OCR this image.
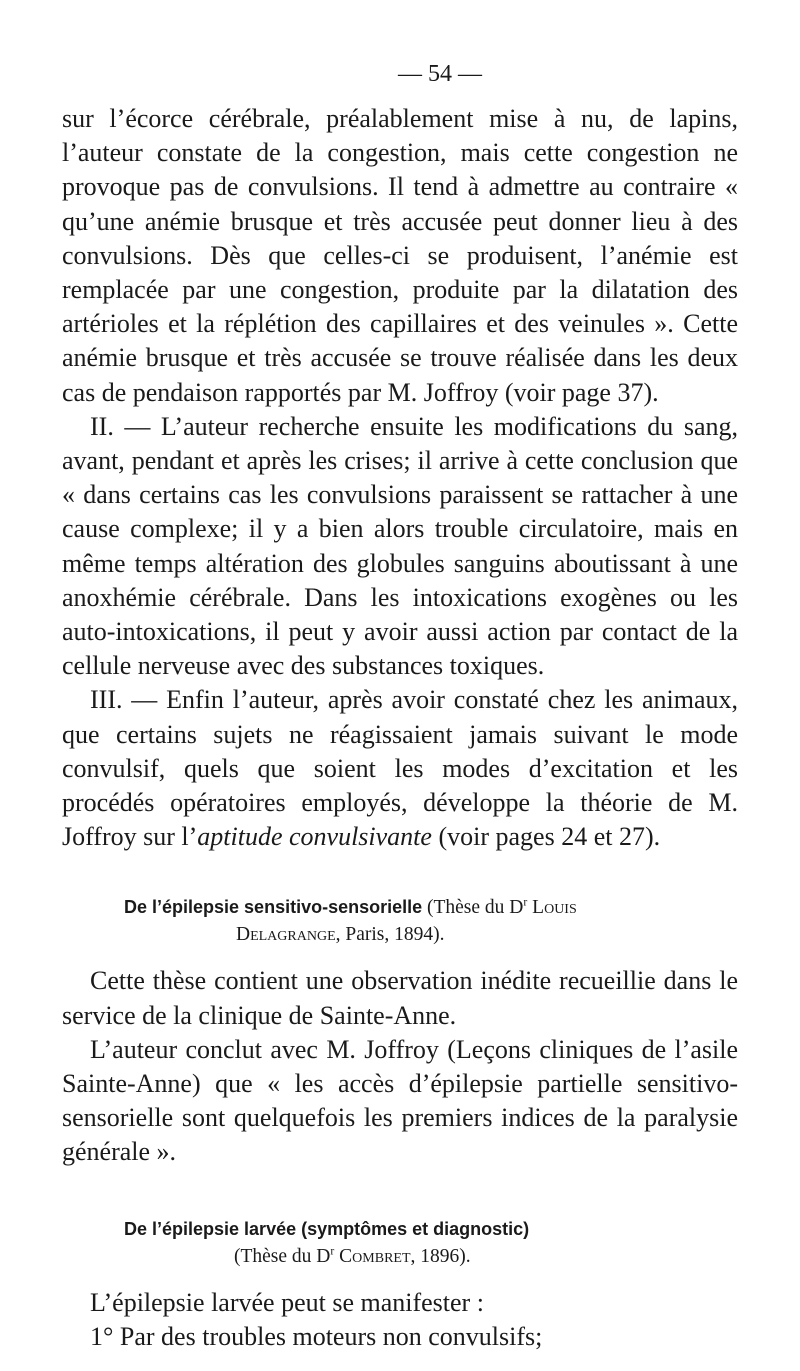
— 54 —

sur l’écorce cérébrale, préalablement mise à nu, de lapins, l’auteur constate de la congestion, mais cette congestion ne provoque pas de convulsions. Il tend à admettre au contraire « qu’une anémie brusque et très accusée peut donner lieu à des convulsions. Dès que celles-ci se produisent, l’anémie est remplacée par une congestion, produite par la dilatation des artérioles et la réplétion des capillaires et des veinules ». Cette anémie brusque et très accusée se trouve réalisée dans les deux cas de pendaison rapportés par M. Joffroy (voir page 37).

II. — L’auteur recherche ensuite les modifications du sang, avant, pendant et après les crises; il arrive à cette conclusion que « dans certains cas les convulsions paraissent se rattacher à une cause complexe; il y a bien alors trouble circulatoire, mais en même temps altération des globules sanguins aboutissant à une anoxhémie cérébrale. Dans les intoxications exogènes ou les auto-intoxications, il peut y avoir aussi action par contact de la cellule nerveuse avec des substances toxiques.

III. — Enfin l’auteur, après avoir constaté chez les animaux, que certains sujets ne réagissaient jamais suivant le mode convulsif, quels que soient les modes d’excitation et les procédés opératoires employés, développe la théorie de M. Joffroy sur l’aptitude convulsivante (voir pages 24 et 27).

De l’épilepsie sensitivo-sensorielle (Thèse du $D^r$ Louis
Delagrange, Paris, 1894).

Cette thèse contient une observation inédite recueillie dans le service de la clinique de Sainte-Anne.

L’auteur conclut avec M. Joffroy (Leçons cliniques de l’asile Sainte-Anne) que « les accès d’épilepsie partielle sensitivo-sensorielle sont quelquefois les premiers indices de la paralysie générale ».

De l’épilepsie larvée (symptômes et diagnostic)
(Thèse du $D^r$ Combret, 1896).

L’épilepsie larvée peut se manifester :

1° Par des troubles moteurs non convulsifs;
